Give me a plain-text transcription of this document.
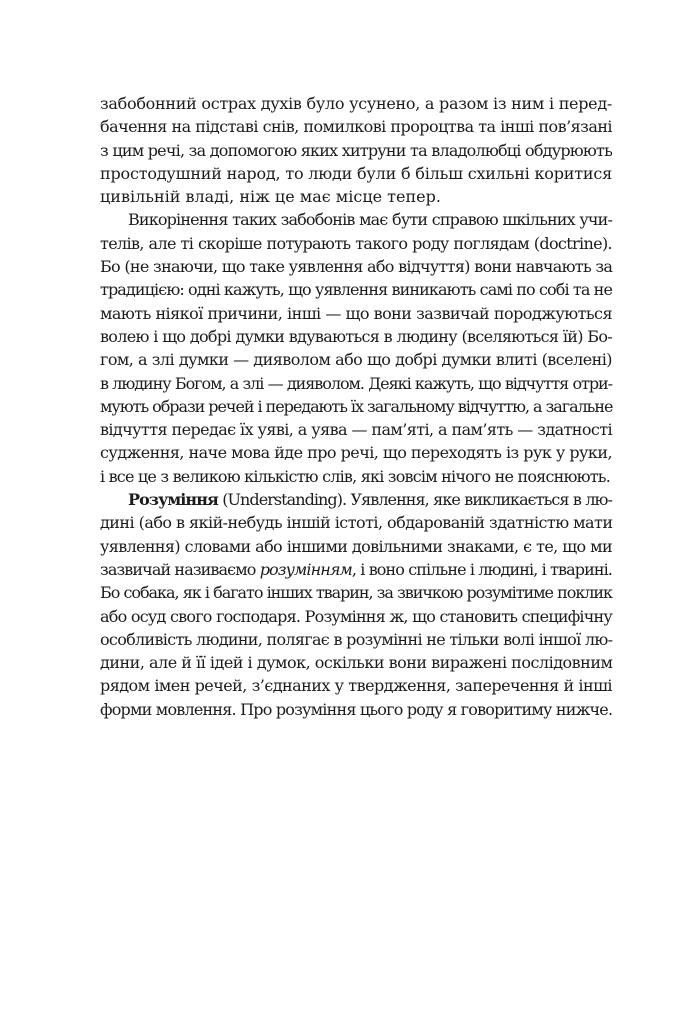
забобонний острах духів було усунено, а разом із ним і перед-
бачення на підставі снів, помилкові пророцтва та інші пов’язані
з цим речі, за допомогою яких хитруни та владолюбці обдурюють
простодушний народ, то люди були б більш схильні коритися
цивільній владі, ніж це має місце тепер.

Викорінення таких забобонів має бути справою шкільних учи-
телів, але ті скоріше потурають такого роду поглядам (doctrine).
Бо (не знаючи, що таке уявлення або відчуття) вони навчають за
традицією: одні кажуть, що уявлення виникають самі по собі та не
мають ніякої причини, інші — що вони зазвичай породжуються
волею і що добрі думки вдуваються в людину (вселяються їй) Бо-
гом, а злі думки — дияволом або що добрі думки влиті (вселені)
в людину Богом, а злі — дияволом. Деякі кажуть, що відчуття отри-
мують образи речей і передають їх загальному відчуттю, а загальне
відчуття передає їх уяві, а уява — пам’яті, а пам’ять — здатності
судження, наче мова йде про речі, що переходять із рук у руки,
і все це з великою кількістю слів, які зовсім нічого не пояснюють.

Розуміння (Understanding). Уявлення, яке викликається в лю-
дині (або в якій-небудь іншій істоті, обдарованій здатністю мати
уявлення) словами або іншими довільними знаками, є те, що ми
зазвичай називаємо розумінням, і воно спільне і людині, і тварині.
Бо собака, як і багато інших тварин, за звичкою розумітиме поклик
або осуд свого господаря. Розуміння ж, що становить специфічну
особливість людини, полягає в розумінні не тільки волі іншої лю-
дини, але й її ідей і думок, оскільки вони виражені послідовним
рядом імен речей, з’єднаних у твердження, заперечення й інші
форми мовлення. Про розуміння цього роду я говоритиму нижче.
